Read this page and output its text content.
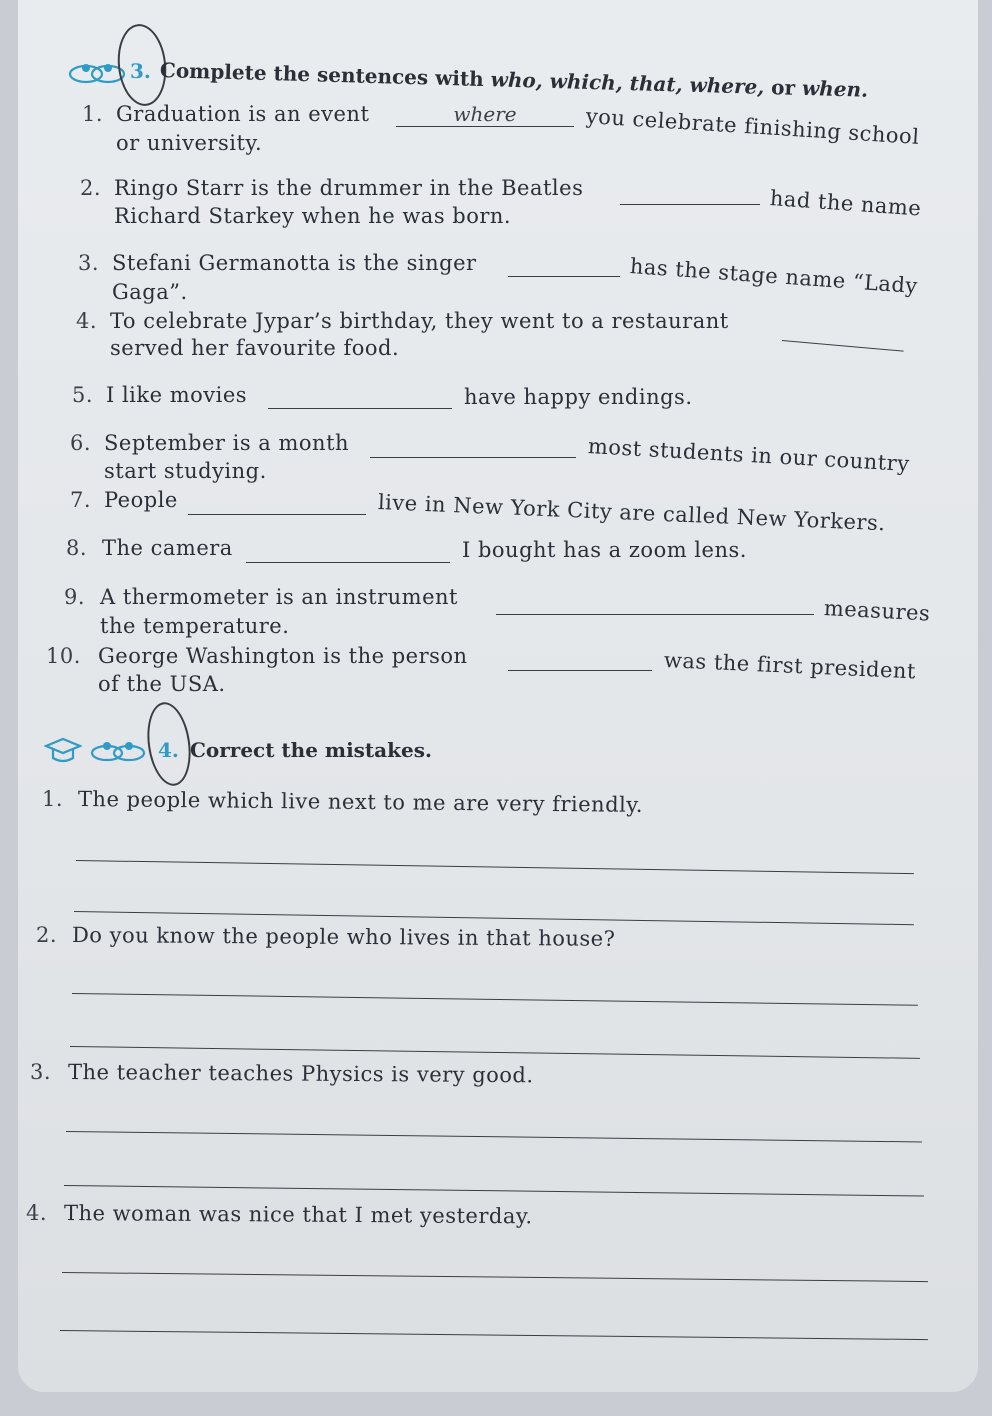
3. Complete the sentences with who, which, that, where, or when.
1. Graduation is an event	where	you celebrate finishing school
or university.
2. Ringo Starr is the drummer in the Beatles	had the name
Richard Starkey when he was born.
3. Stefani Germanotta is the singer	has the stage name “Lady
Gaga”.
4. To celebrate Jypar’s birthday, they went to a restaurant
served her favourite food.
5. I like movies	have happy endings.
6. September is a month	most students in our country
start studying.
7. People	live in New York City are called New Yorkers.
8. The camera	I bought has a zoom lens.
9. A thermometer is an instrument	measures
the temperature.
10. George Washington is the person	was the first president
of the USA.
4. Correct the mistakes.
1. The people which live next to me are very friendly.
2. Do you know the people who lives in that house?
3. The teacher teaches Physics is very good.
4. The woman was nice that I met yesterday.
